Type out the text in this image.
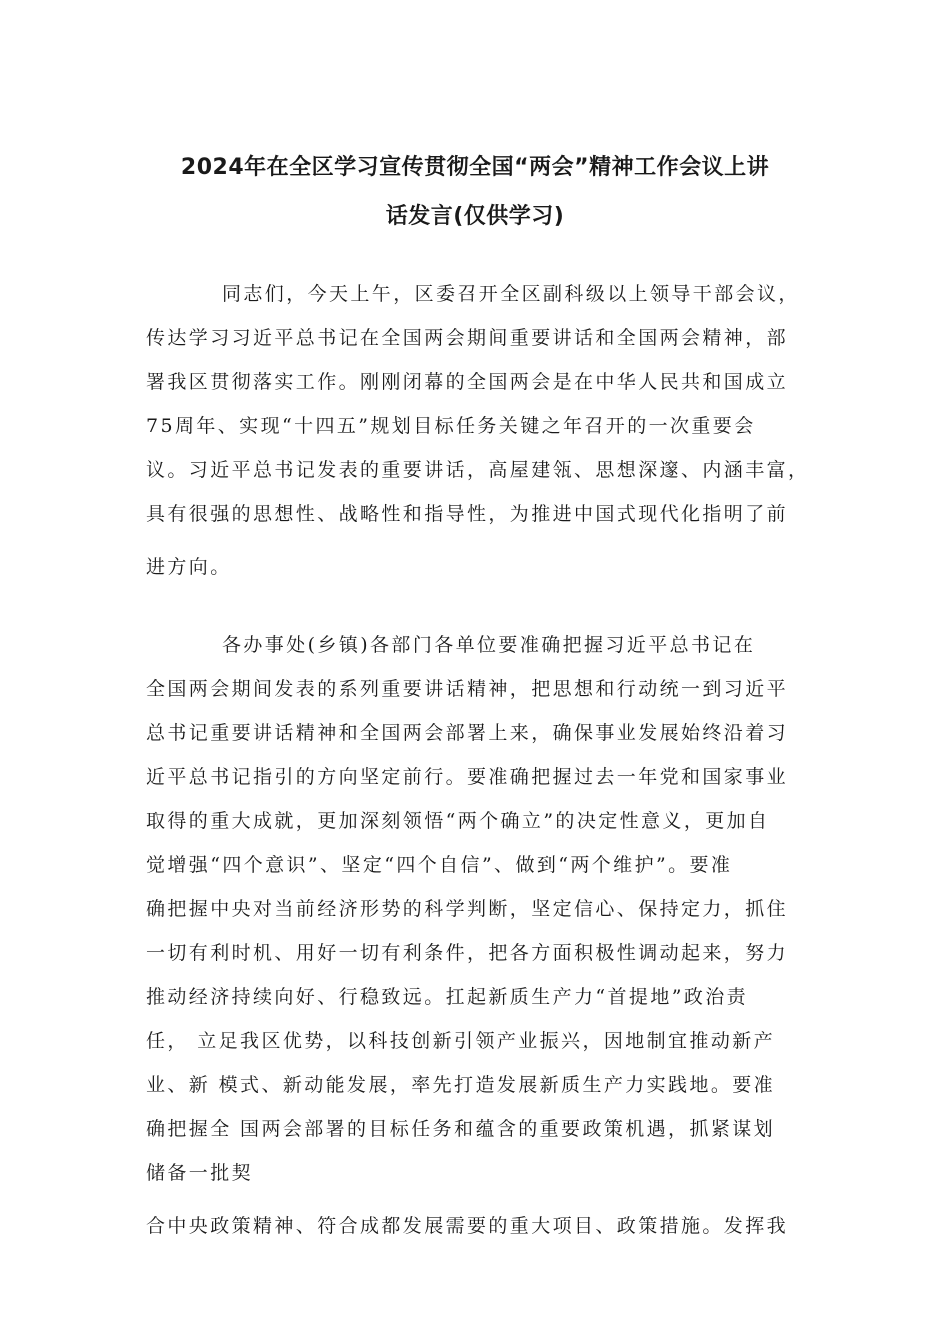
2024年在全区学习宣传贯彻全国“两会”精神工作会议上讲
话发言(仅供学习)
同志们，今天上午，区委召开全区副科级以上领导干部会议，
传达学习习近平总书记在全国两会期间重要讲话和全国两会精神，部
署我区贯彻落实工作。刚刚闭幕的全国两会是在中华人民共和国成立
75周年、实现“十四五”规划目标任务关键之年召开的一次重要会
议。习近平总书记发表的重要讲话，高屋建瓴、思想深邃、内涵丰富，
具有很强的思想性、战略性和指导性，为推进中国式现代化指明了前
进方向。
各办事处(乡镇)各部门各单位要准确把握习近平总书记在
全国两会期间发表的系列重要讲话精神，把思想和行动统一到习近平
总书记重要讲话精神和全国两会部署上来，确保事业发展始终沿着习
近平总书记指引的方向坚定前行。要准确把握过去一年党和国家事业
取得的重大成就，更加深刻领悟“两个确立”的决定性意义，更加自
觉增强“四个意识”、坚定“四个自信”、做到“两个维护”。要准
确把握中央对当前经济形势的科学判断，坚定信心、保持定力，抓住
一切有利时机、用好一切有利条件，把各方面积极性调动起来，努力
推动经济持续向好、行稳致远。扛起新质生产力“首提地”政治责
任， 立足我区优势，以科技创新引领产业振兴，因地制宜推动新产
业、新 模式、新动能发展，率先打造发展新质生产力实践地。要准
确把握全 国两会部署的目标任务和蕴含的重要政策机遇，抓紧谋划
储备一批契
合中央政策精神、符合成都发展需要的重大项目、政策措施。发挥我
